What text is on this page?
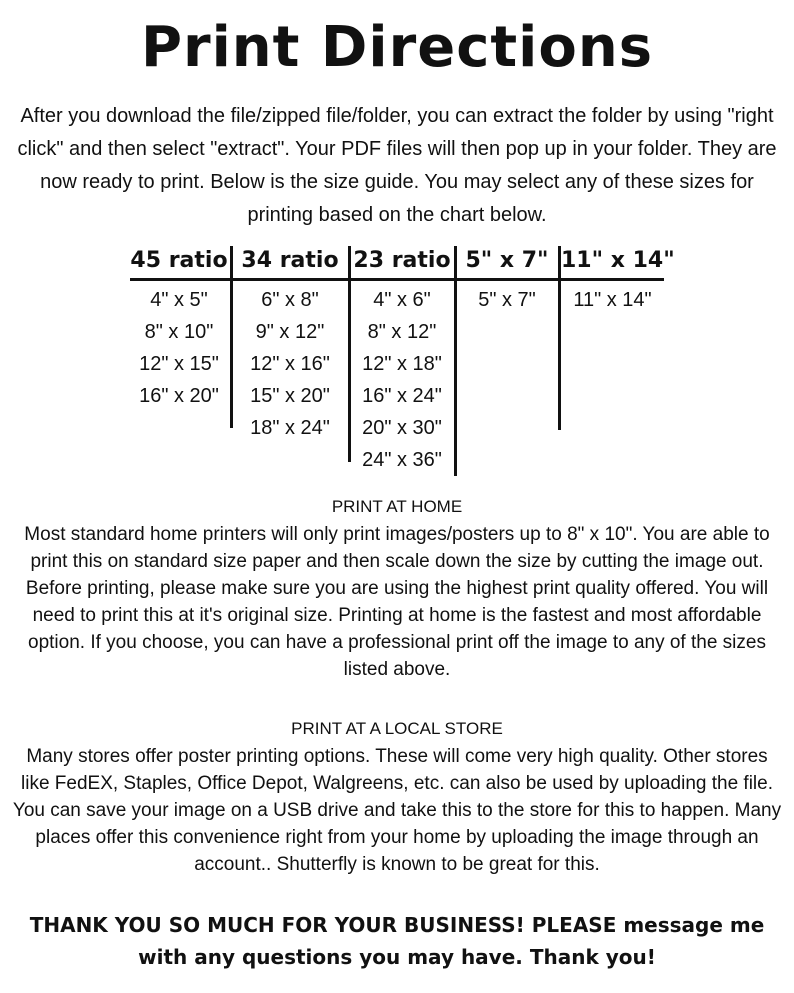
Print Directions
After you download the file/zipped file/folder, you can extract the folder by using "right click" and then select "extract". Your PDF files will then pop up in your folder. They are now ready to print. Below is the size guide. You may select any of these sizes for printing based on the chart below.
45 ratio
4" x 5"
8" x 10"
12" x 15"
16" x 20"
34 ratio
6" x 8"
9" x 12"
12" x 16"
15" x 20"
18" x 24"
23 ratio
4" x 6"
8" x 12"
12" x 18"
16" x 24"
20" x 30"
24" x 36"
5" x 7"
5" x 7"
11" x 14"
11" x 14"
PRINT AT HOME
Most standard home printers will only print images/posters up to 8" x 10". You are able to print this on standard size paper and then scale down the size by cutting the image out. Before printing, please make sure you are using the highest print quality offered. You will need to print this at it's original size. Printing at home is the fastest and most affordable option. If you choose, you can have a professional print off the image to any of the sizes listed above.
PRINT AT A LOCAL STORE
Many stores offer poster printing options. These will come very high quality. Other stores like FedEX, Staples, Office Depot, Walgreens, etc. can also be used by uploading the file. You can save your image on a USB drive and take this to the store for this to happen. Many places offer this convenience right from your home by uploading the image through an account.. Shutterfly is known to be great for this.
THANK YOU SO MUCH FOR YOUR BUSINESS! PLEASE message me with any questions you may have. Thank you!
